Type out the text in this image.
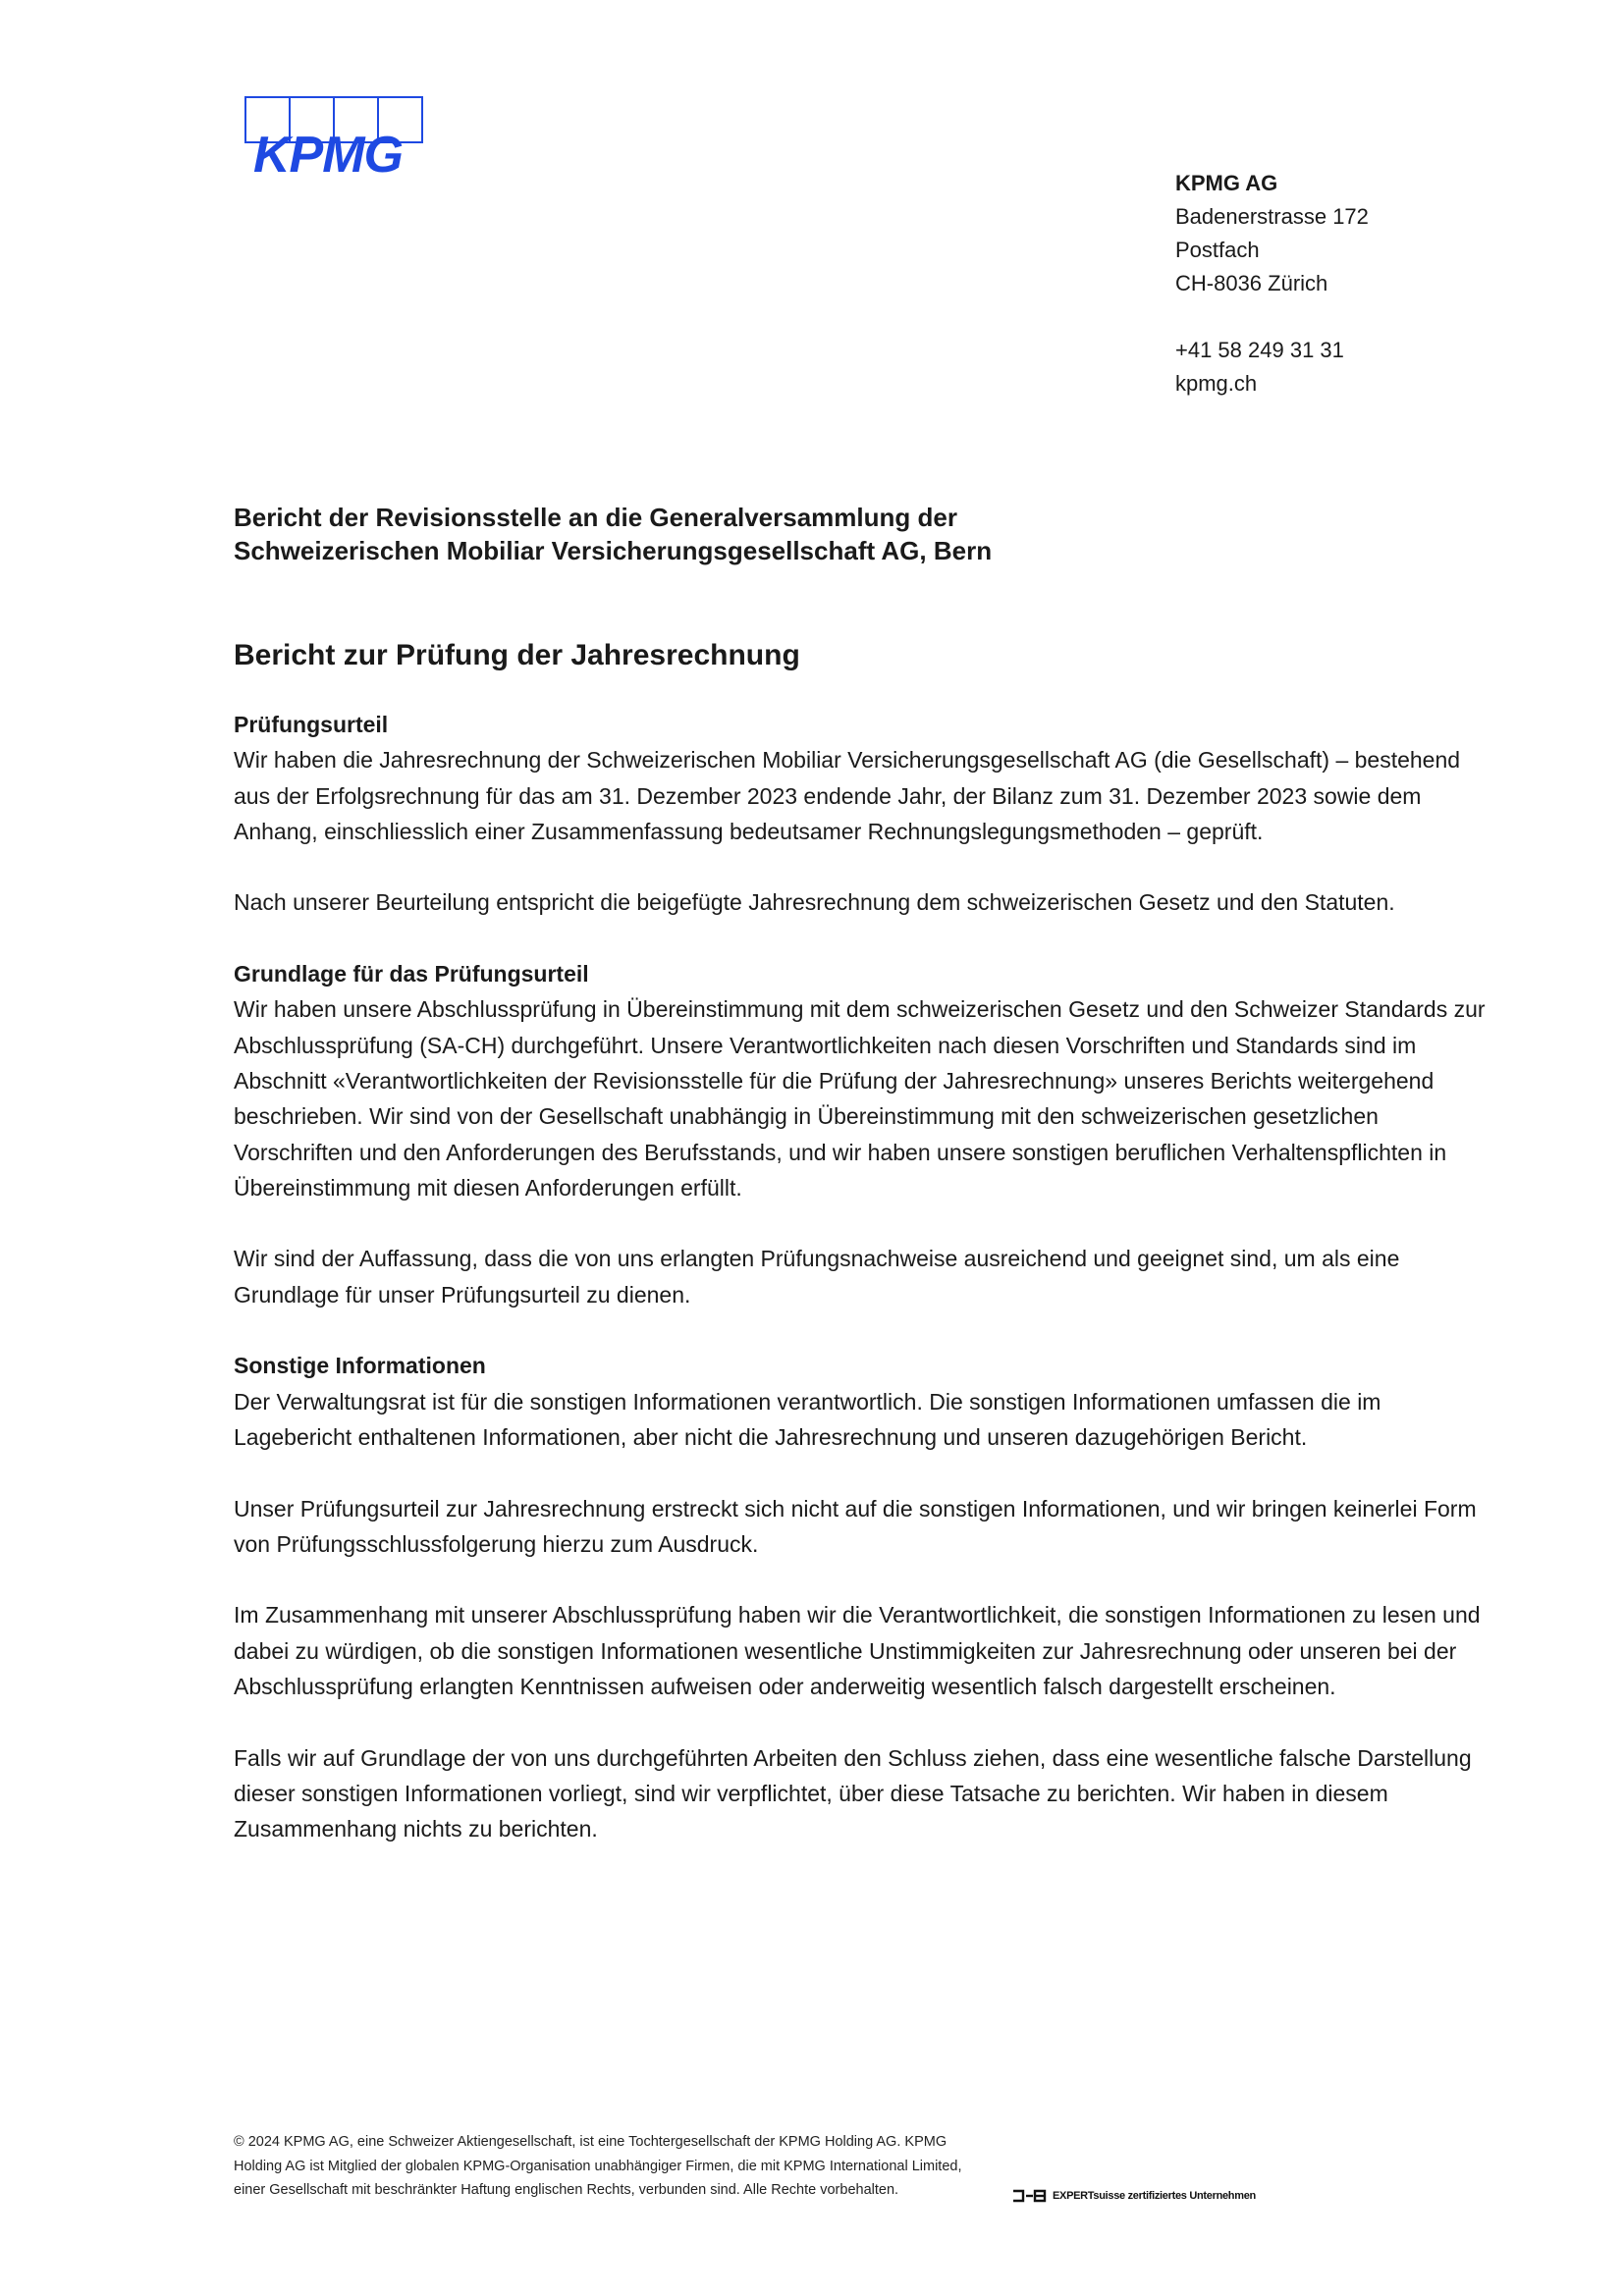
KPMG	KPMG AG
Badenerstrasse 172
Postfach
CH-8036 Zürich
+41 58 249 31 31
kpmg.ch

Bericht der Revisionsstelle an die Generalversammlung der

Schweizerischen Mobiliar Versicherungsgesellschaft AG, Bern

Bericht zur Prüfung der Jahresrechnung
Prüfungsurteil

Wir haben die Jahresrechnung der Schweizerischen Mobiliar Versicherungsgesellschaft AG (die Gesellschaft) – bestehend aus der Erfolgsrechnung für das am 31. Dezember 2023 endende Jahr, der Bilanz zum 31. Dezember 2023 sowie dem Anhang, einschliesslich einer Zusammenfassung bedeutsamer Rechnungslegungsmethoden – geprüft.

Nach unserer Beurteilung entspricht die beigefügte Jahresrechnung dem schweizerischen Gesetz und den Statuten.

Grundlage für das Prüfungsurteil

Wir haben unsere Abschlussprüfung in Übereinstimmung mit dem schweizerischen Gesetz und den Schweizer Standards zur Abschlussprüfung (SA-CH) durchgeführt. Unsere Verantwortlichkeiten nach diesen Vorschriften und Standards sind im Abschnitt «Verantwortlichkeiten der Revisionsstelle für die Prüfung der Jahresrechnung» unseres Berichts weitergehend beschrieben. Wir sind von der Gesellschaft unabhängig in Übereinstimmung mit den schweizerischen gesetzlichen Vorschriften und den Anforderungen des Berufsstands, und wir haben unsere sonstigen beruflichen Verhaltenspflichten in Übereinstimmung mit diesen Anforderungen erfüllt.

Wir sind der Auffassung, dass die von uns erlangten Prüfungsnachweise ausreichend und geeignet sind, um als eine Grundlage für unser Prüfungsurteil zu dienen.

Sonstige Informationen

Der Verwaltungsrat ist für die sonstigen Informationen verantwortlich. Die sonstigen Informationen umfassen die im Lagebericht enthaltenen Informationen, aber nicht die Jahresrechnung und unseren dazugehörigen Bericht.

Unser Prüfungsurteil zur Jahresrechnung erstreckt sich nicht auf die sonstigen Informationen, und wir bringen keinerlei Form von Prüfungsschlussfolgerung hierzu zum Ausdruck.

Im Zusammenhang mit unserer Abschlussprüfung haben wir die Verantwortlichkeit, die sonstigen Informationen zu lesen und dabei zu würdigen, ob die sonstigen Informationen wesentliche Unstimmigkeiten zur Jahresrechnung oder unseren bei der Abschlussprüfung erlangten Kenntnissen aufweisen oder anderweitig wesentlich falsch dargestellt erscheinen.

Falls wir auf Grundlage der von uns durchgeführten Arbeiten den Schluss ziehen, dass eine wesentliche falsche Darstellung dieser sonstigen Informationen vorliegt, sind wir verpflichtet, über diese Tatsache zu berichten. Wir haben in diesem Zusammenhang nichts zu berichten.

© 2024 KPMG AG, eine Schweizer Aktiengesellschaft, ist eine Tochtergesellschaft der KPMG Holding AG. KPMG Holding AG ist Mitglied der globalen KPMG-Organisation unabhängiger Firmen, die mit KPMG International Limited, einer Gesellschaft mit beschränkter Haftung englischen Rechts, verbunden sind. Alle Rechte vorbehalten.	EXPERTsuisse zertifiziertes Unternehmen
